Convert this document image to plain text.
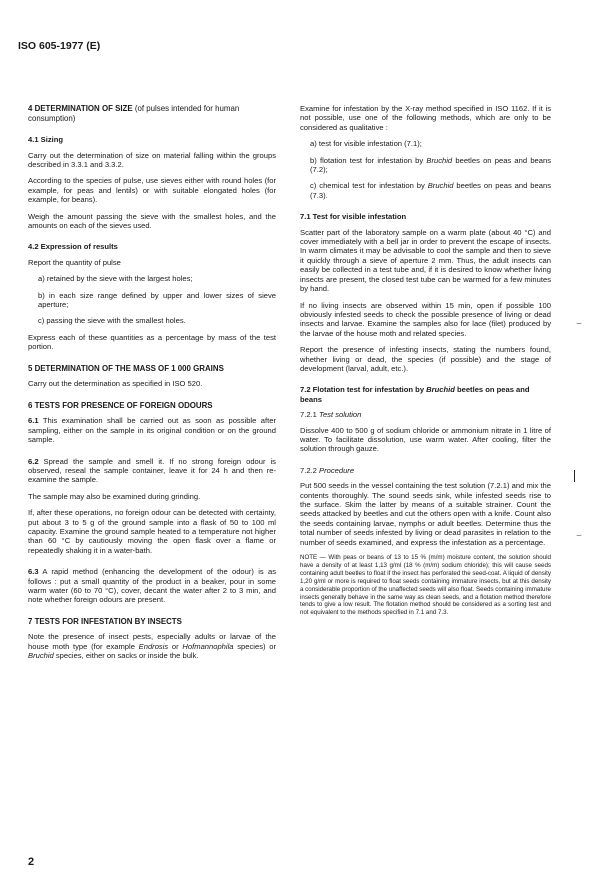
ISO 605-1977 (E)
4 DETERMINATION OF SIZE (of pulses intended for human consumption)
4.1 Sizing

Carry out the determination of size on material falling within the groups described in 3.3.1 and 3.3.2.

According to the species of pulse, use sieves either with round holes (for example, for peas and lentils) or with suitable elongated holes (for example, for beans).

Weigh the amount passing the sieve with the smallest holes, and the amounts on each of the sieves used.

4.2 Expression of results

Report the quantity of pulse

a) retained by the sieve with the largest holes;

b) in each size range defined by upper and lower sizes of sieve aperture;

c) passing the sieve with the smallest holes.

Express each of these quantities as a percentage by mass of the test portion.

5 DETERMINATION OF THE MASS OF 1 000 GRAINS

Carry out the determination as specified in ISO 520.

6 TESTS FOR PRESENCE OF FOREIGN ODOURS

6.1 This examination shall be carried out as soon as possible after sampling, either on the sample in its original condition or on the ground sample.

6.2 Spread the sample and smell it. If no strong foreign odour is observed, reseal the sample container, leave it for 24 h and then re-examine the sample.

The sample may also be examined during grinding.

If, after these operations, no foreign odour can be detected with certainty, put about 3 to 5 g of the ground sample into a flask of 50 to 100 ml capacity. Examine the ground sample heated to a temperature not higher than 60 °C by cautiously moving the open flask over a flame or repeatedly shaking it in a water-bath.

6.3 A rapid method (enhancing the development of the odour) is as follows : put a small quantity of the product in a beaker, pour in some warm water (60 to 70 °C), cover, decant the water after 2 to 3 min, and note whether foreign odours are present.

7 TESTS FOR INFESTATION BY INSECTS

Note the presence of insect pests, especially adults or larvae of the house moth type (for example Endrosis or Hofmannophila species) or Bruchid species, either on sacks or inside the bulk.

Examine for infestation by the X-ray method specified in ISO 1162. If it is not possible, use one of the following methods, which are only to be considered as qualitative :

a) test for visible infestation (7.1);

b) flotation test for infestation by Bruchid beetles on peas and beans (7.2);

c) chemical test for infestation by Bruchid beetles on peas and beans (7.3).

7.1 Test for visible infestation

Scatter part of the laboratory sample on a warm plate (about 40 °C) and cover immediately with a bell jar in order to prevent the escape of insects. In warm climates it may be advisable to cool the sample and then to sieve it quickly through a sieve of aperture 2 mm. Thus, the adult insects can easily be collected in a test tube and, if it is desired to know whether living insects are present, the closed test tube can be warmed for a few minutes by hand.

If no living insects are observed within 15 min, open if possible 100 obviously infested seeds to check the possible presence of living or dead insects and larvae. Examine the samples also for lace (filet) produced by the larvae of the house moth and related species.

Report the presence of infesting insects, stating the numbers found, whether living or dead, the species (if possible) and the stage of development (larval, adult, etc.).

7.2 Flotation test for infestation by Bruchid beetles on peas and beans
7.2.1 Test solution

Dissolve 400 to 500 g of sodium chloride or ammonium nitrate in 1 litre of water. To facilitate dissolution, use warm water. After cooling, filter the solution through gauze.

7.2.2 Procedure

Put 500 seeds in the vessel containing the test solution (7.2.1) and mix the contents thoroughly. The sound seeds sink, while infested seeds rise to the surface. Skim the latter by means of a suitable strainer. Count the seeds attacked by beetles and cut the others open with a knife. Count also the seeds containing larvae, nymphs or adult beetles. Determine thus the total number of seeds infested by living or dead parasites in relation to the number of seeds examined, and express the infestation as a percentage.

NOTE — With peas or beans of 13 to 15 % (m/m) moisture content, the solution should have a density of at least 1,13 g/ml (18 % (m/m) sodium chloride); this will cause seeds containing adult beetles to float if the insect has perforated the seed-coat. A liquid of density 1,20 g/ml or more is required to float seeds containing immature insects, but at this density a considerable proportion of the unaffected seeds will also float. Seeds containing immature insects generally behave in the same way as clean seeds, and a flotation method therefore tends to give a low result. The flotation method should be considered as a sorting test and not equivalent to the methods specified in 7.1 and 7.3.

⌣
⌣
2
